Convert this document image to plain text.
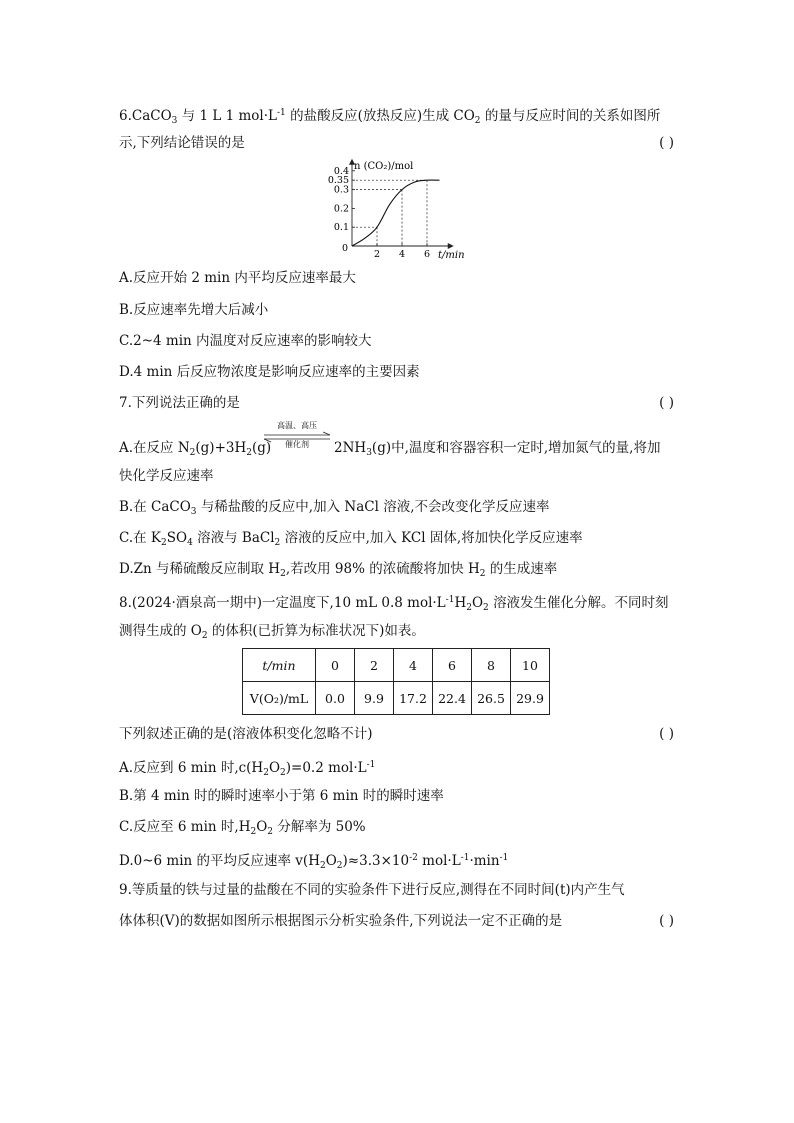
6.CaCO$_3$ 与 1 L 1 $mol\cdot L^{-1}$ 的盐酸反应(放热反应)生成 $CO_2$ 的量与反应时间的关系如图所
示,下列结论错误的是	( )
n (CO₂)/mol
t/min
0
0.1
0.2
0.3
0.35
0.4
2 4 6
A.反应开始 2 min 内平均反应速率最大
B.反应速率先增大后减小
C.2~4 min 内温度对反应速率的影响较大
D.4 min 后反应物浓度是影响反应速率的主要因素
7.下列说法正确的是	( )
A.在反应 $N_2(g)+3H_2(g)$
高温、高压
催化剂	$2NH_3(g)$中,温度和容器容积一定时,增加氮气的量,将加
快化学反应速率
B.在 CaCO$_3$ 与稀盐酸的反应中,加入 NaCl 溶液,不会改变化学反应速率
C.在 $K_2SO_4$ 溶液与 BaCl$_2$ 溶液的反应中,加入 KCl 固体,将加快化学反应速率
D.Zn 与稀硫酸反应制取 $H_2$,若改用 98% 的浓硫酸将加快 $H_2$ 的生成速率
8.(2024·酒泉高一期中)一定温度下,10 mL 0.8 $mol\cdot L^{-1}H_2O_2$ 溶液发生催化分解。不同时刻
测得生成的 $O_2$ 的体积(已折算为标准状况下)如表。
t/min	0	2	4	6	8	10
V(O₂)/mL	0.0	9.9	17.2	22.4	26.5	29.9
下列叙述正确的是(溶液体积变化忽略不计)	( )
A.反应到 6 min 时$,c(H_2O_2)=0.2$ $mol\cdot L^{-1}$
B.第 4 min 时的瞬时速率小于第 6 min 时的瞬时速率
C.反应至 6 min 时$,H_2O_2$ 分解率为 50%
D.0~6 min 的平均反应速率 $v(H_2O_2)\approx 3.3\times 10^{-2}$ $mol\cdot L^{-1}\cdot\min^{-1}$
9.等质量的铁与过量的盐酸在不同的实验条件下进行反应,测得在不同时间(t)内产生气
体体积(V)的数据如图所示根据图示分析实验条件,下列说法一定不正确的是	( )
